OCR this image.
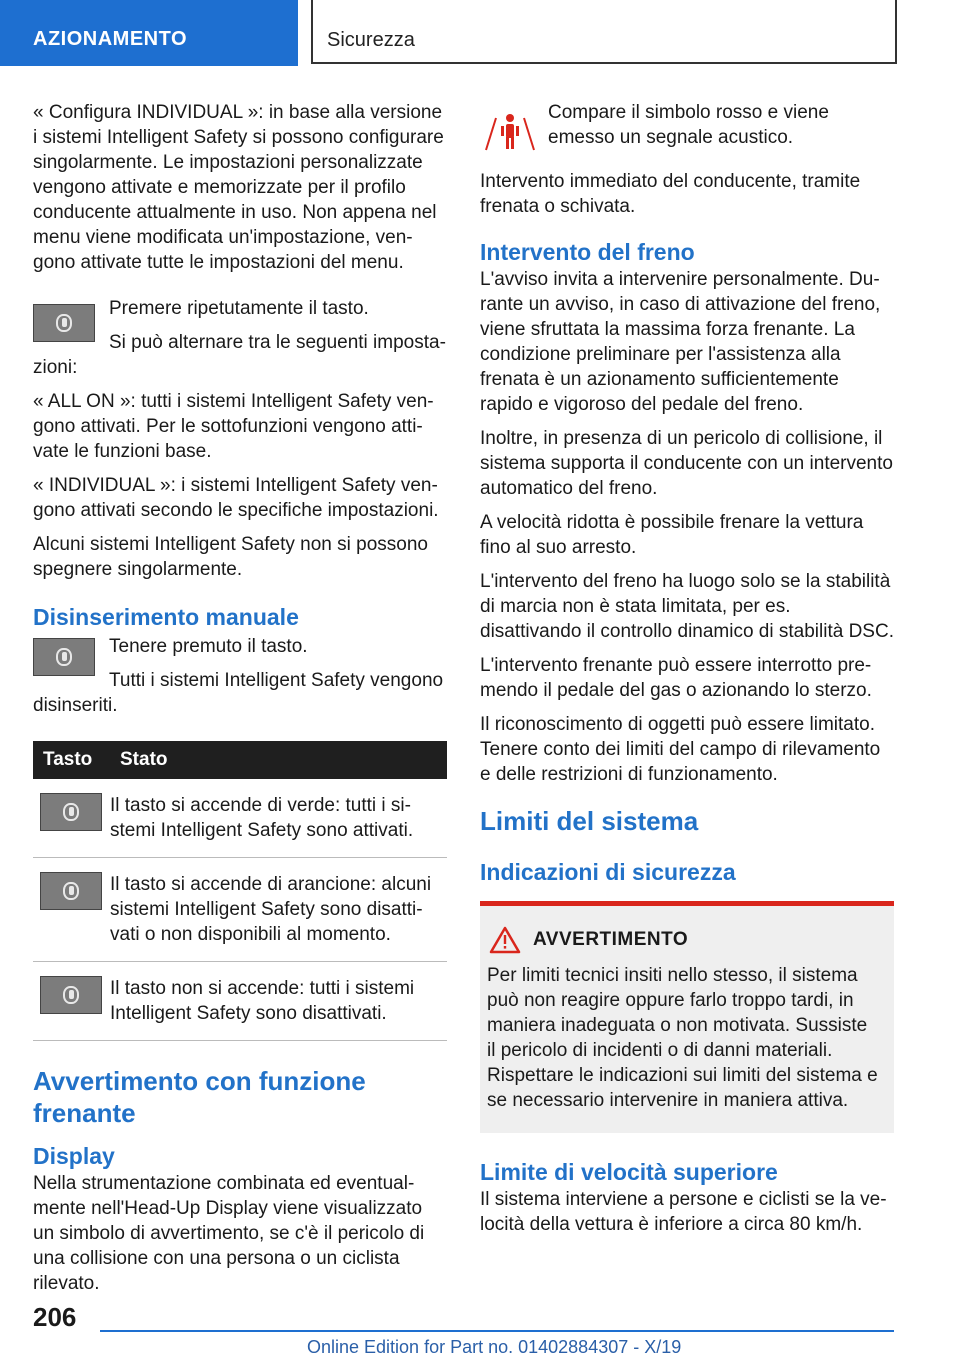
AZIONAMENTO	Sicurezza

« Configura INDIVIDUAL »: in base alla versione i sistemi Intelligent Safety si possono configurare singolarmente. Le impostazioni personalizzate vengono attivate e memorizzate per il profilo conducente attualmente in uso. Non appena nel menu viene modificata un'impostazione, vengono attivate tutte le impostazioni del menu.

Premere ripetutamente il tasto.

Si può alternare tra le seguenti impostazioni:

« ALL ON »: tutti i sistemi Intelligent Safety vengono attivati. Per le sottofunzioni vengono attivate le funzioni base.

« INDIVIDUAL »: i sistemi Intelligent Safety vengono attivati secondo le specifiche impostazioni.

Alcuni sistemi Intelligent Safety non si possono spegnere singolarmente.

Disinserimento manuale

Tenere premuto il tasto.

Tutti i sistemi Intelligent Safety vengono disinseriti.

Tasto	Stato

	Il tasto si accende di verde: tutti i sistemi Intelligent Safety sono attivati.

	Il tasto si accende di arancione: alcuni sistemi Intelligent Safety sono disattivati o non disponibili al momento.

	Il tasto non si accende: tutti i sistemi Intelligent Safety sono disattivati.
Avvertimento con funzione frenante
Display

Nella strumentazione combinata ed eventualmente nell'Head-Up Display viene visualizzato un simbolo di avvertimento, se c'è il pericolo di una collisione con una persona o un ciclista rilevato.

Compare il simbolo rosso e viene emesso un segnale acustico.

Intervento immediato del conducente, tramite frenata o schivata.

Intervento del freno

L'avviso invita a intervenire personalmente. Durante un avviso, in caso di attivazione del freno, viene sfruttata la massima forza frenante. La condizione preliminare per l'assistenza alla frenata è un azionamento sufficientemente rapido e vigoroso del pedale del freno.

Inoltre, in presenza di un pericolo di collisione, il sistema supporta il conducente con un intervento automatico del freno.

A velocità ridotta è possibile frenare la vettura fino al suo arresto.

L'intervento del freno ha luogo solo se la stabilità di marcia non è stata limitata, per es. disattivando il controllo dinamico di stabilità DSC.

L'intervento frenante può essere interrotto premendo il pedale del gas o azionando lo sterzo.

Il riconoscimento di oggetti può essere limitato. Tenere conto dei limiti del campo di rilevamento e delle restrizioni di funzionamento.

Limiti del sistema
Indicazioni di sicurezza
AVVERTIMENTO

Per limiti tecnici insiti nello stesso, il sistema può non reagire oppure farlo troppo tardi, in maniera inadeguata o non motivata. Sussiste il pericolo di incidenti o di danni materiali. Rispettare le indicazioni sui limiti del sistema e se necessario intervenire in maniera attiva.

Limite di velocità superiore

Il sistema interviene a persone e ciclisti se la velocità della vettura è inferiore a circa 80 km/h.

206
Online Edition for Part no. 01402884307 - X/19
